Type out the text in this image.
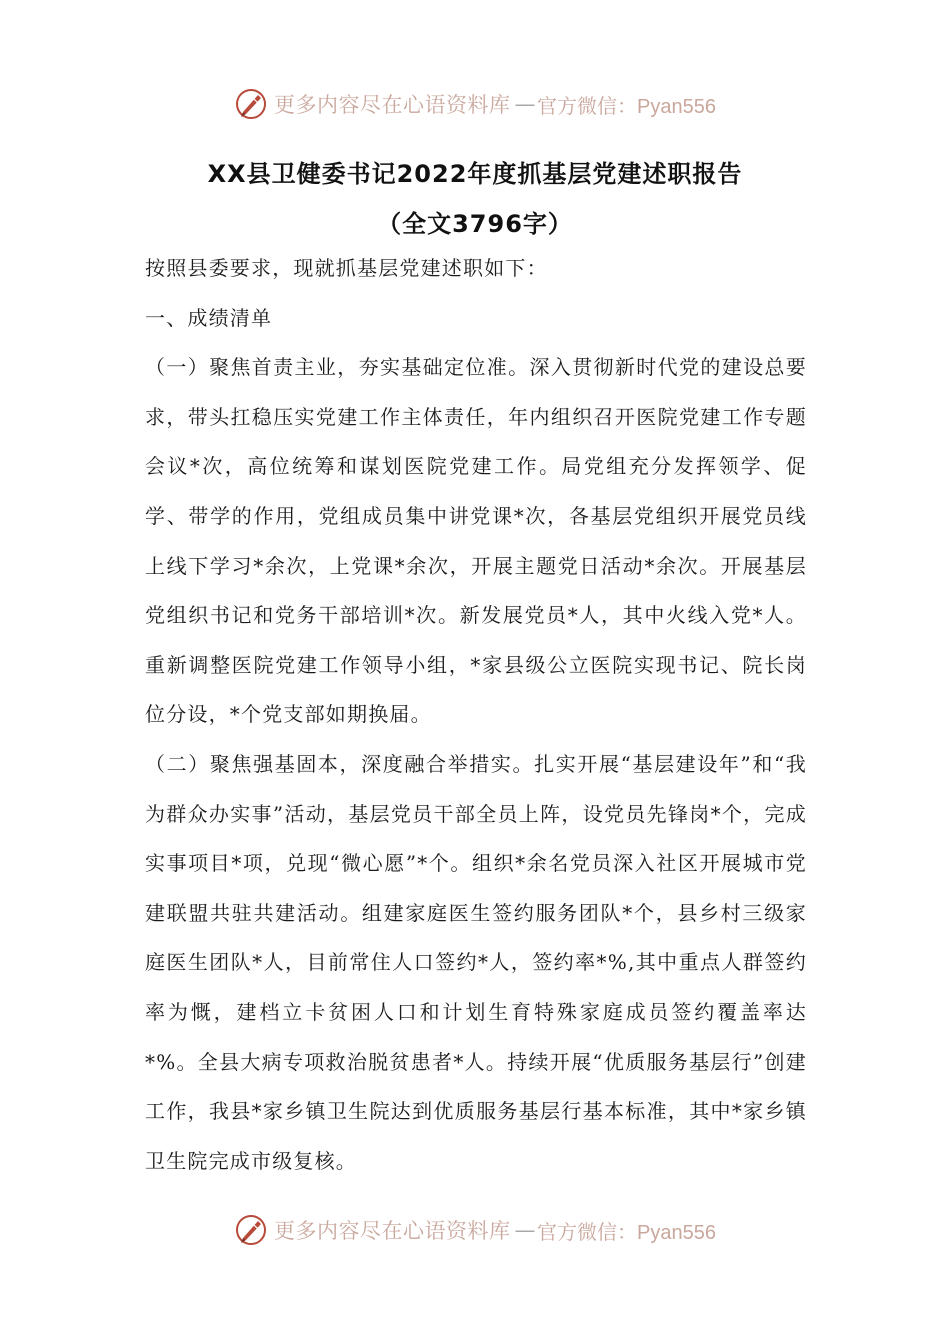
更多内容尽在心语资料库 — 官方微信：Pyan556
XX县卫健委书记2022年度抓基层党建述职报告
（全文3796字）

按照县委要求，现就抓基层党建述职如下：

一、成绩清单

（一）聚焦首责主业，夯实基础定位准。深入贯彻新时代党的建设总要求，带头扛稳压实党建工作主体责任，年内组织召开医院党建工作专题会议*次，高位统筹和谋划医院党建工作。局党组充分发挥领学、促学、带学的作用，党组成员集中讲党课*次，各基层党组织开展党员线上线下学习*余次，上党课*余次，开展主题党日活动*余次。开展基层党组织书记和党务干部培训*次。新发展党员*人，其中火线入党*人。重新调整医院党建工作领导小组，*家县级公立医院实现书记、院长岗位分设，*个党支部如期换届。

（二）聚焦强基固本，深度融合举措实。扎实开展“基层建设年”和“我为群众办实事”活动，基层党员干部全员上阵，设党员先锋岗*个，完成实事项目*项，兑现“微心愿”*个。组织*余名党员深入社区开展城市党建联盟共驻共建活动。组建家庭医生签约服务团队*个，县乡村三级家庭医生团队*人，目前常住人口签约*人，签约率*%,其中重点人群签约率为慨，建档立卡贫困人口和计划生育特殊家庭成员签约覆盖率达*%。全县大病专项救治脱贫患者*人。持续开展“优质服务基层行”创建工作，我县*家乡镇卫生院达到优质服务基层行基本标准，其中*家乡镇卫生院完成市级复核。

更多内容尽在心语资料库 — 官方微信：Pyan556
